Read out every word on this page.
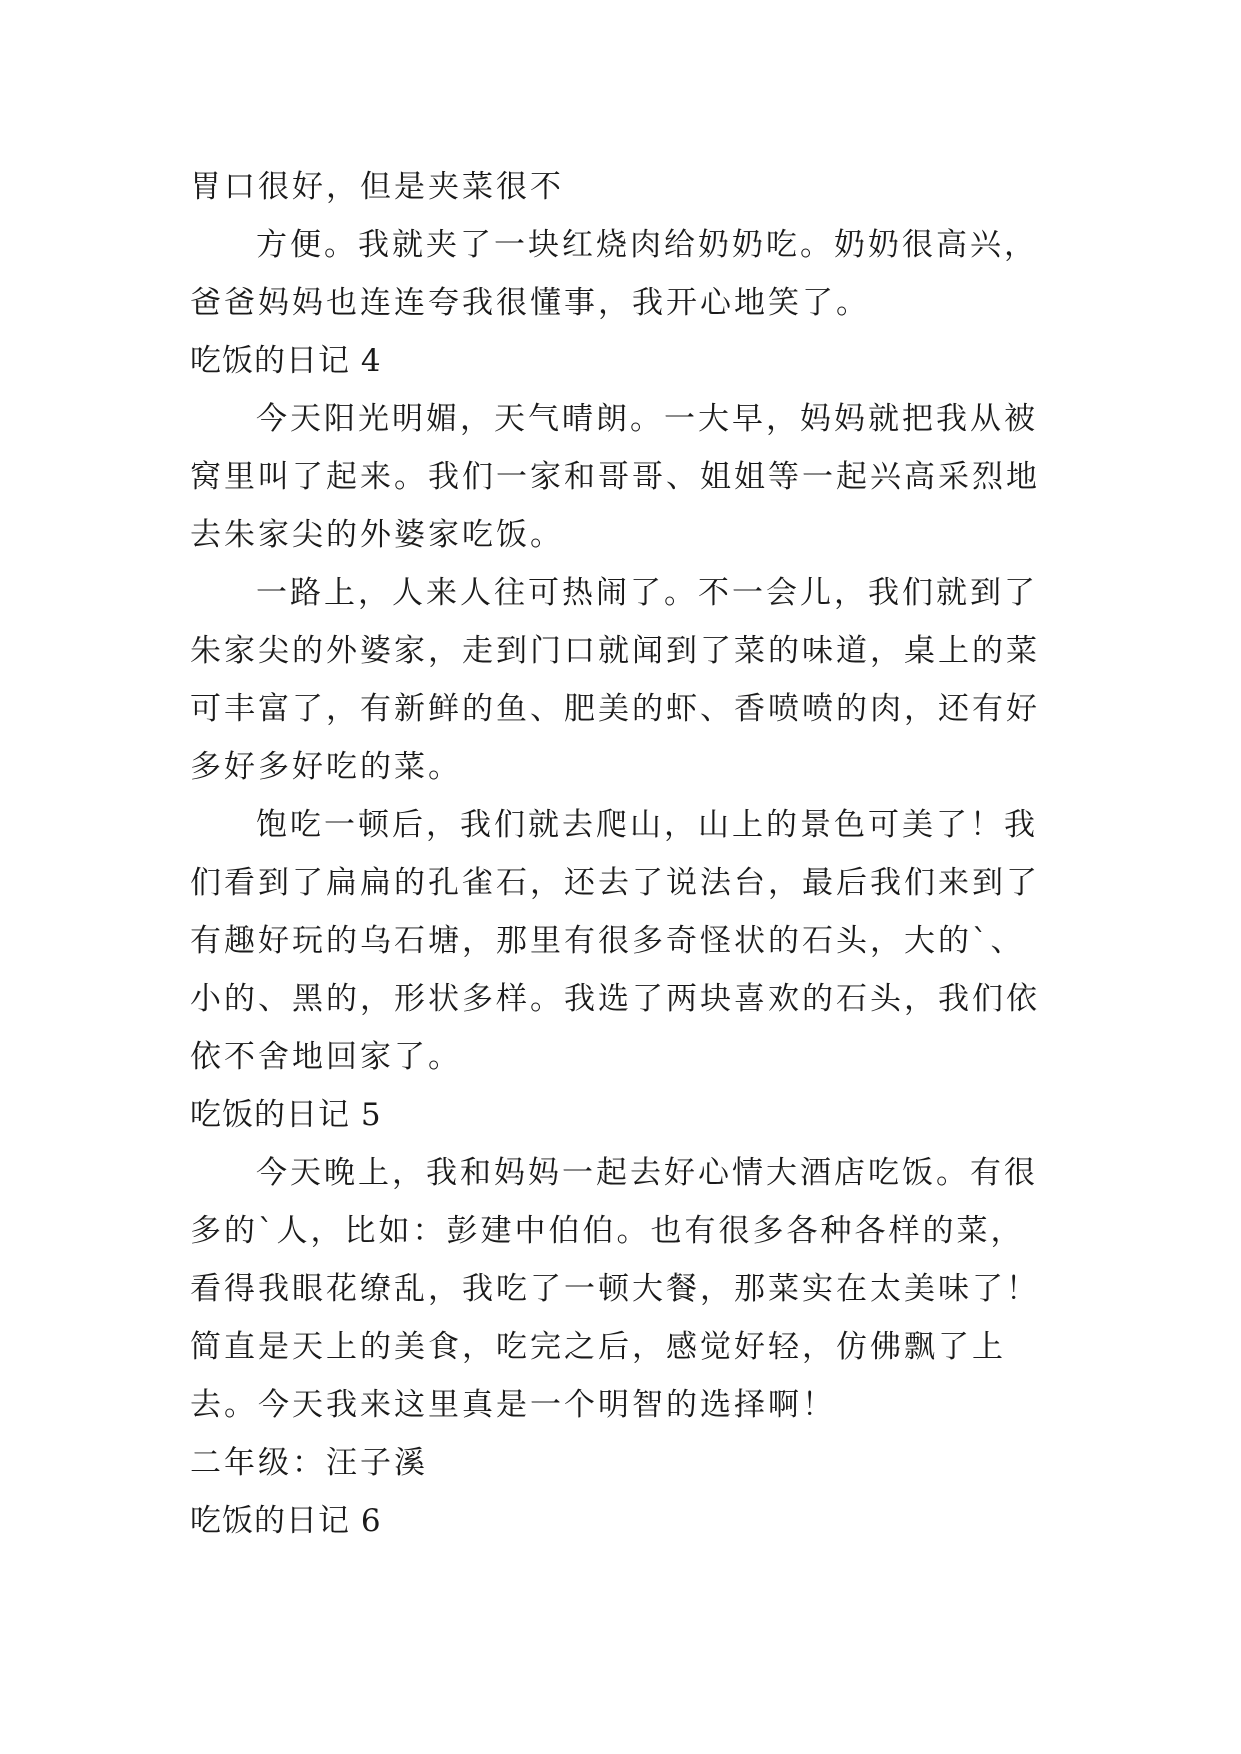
胃口很好，但是夹菜很不

方便。我就夹了一块红烧肉给奶奶吃。奶奶很高兴，爸爸妈妈也连连夸我很懂事，我开心地笑了。

吃饭的日记 4

今天阳光明媚，天气晴朗。一大早，妈妈就把我从被窝里叫了起来。我们一家和哥哥、姐姐等一起兴高采烈地去朱家尖的外婆家吃饭。

一路上，人来人往可热闹了。不一会儿，我们就到了朱家尖的外婆家，走到门口就闻到了菜的味道，桌上的菜可丰富了，有新鲜的鱼、肥美的虾、香喷喷的肉，还有好多好多好吃的菜。

饱吃一顿后，我们就去爬山，山上的景色可美了！我们看到了扁扁的孔雀石，还去了说法台，最后我们来到了有趣好玩的乌石塘，那里有很多奇怪状的石头，大的`、小的、黑的，形状多样。我选了两块喜欢的石头，我们依依不舍地回家了。

吃饭的日记 5

今天晚上，我和妈妈一起去好心情大酒店吃饭。有很多的`人，比如：彭建中伯伯。也有很多各种各样的菜，看得我眼花缭乱，我吃了一顿大餐，那菜实在太美味了！简直是天上的美食，吃完之后，感觉好轻，仿佛飘了上去。今天我来这里真是一个明智的选择啊！

二年级：汪子溪

吃饭的日记 6
